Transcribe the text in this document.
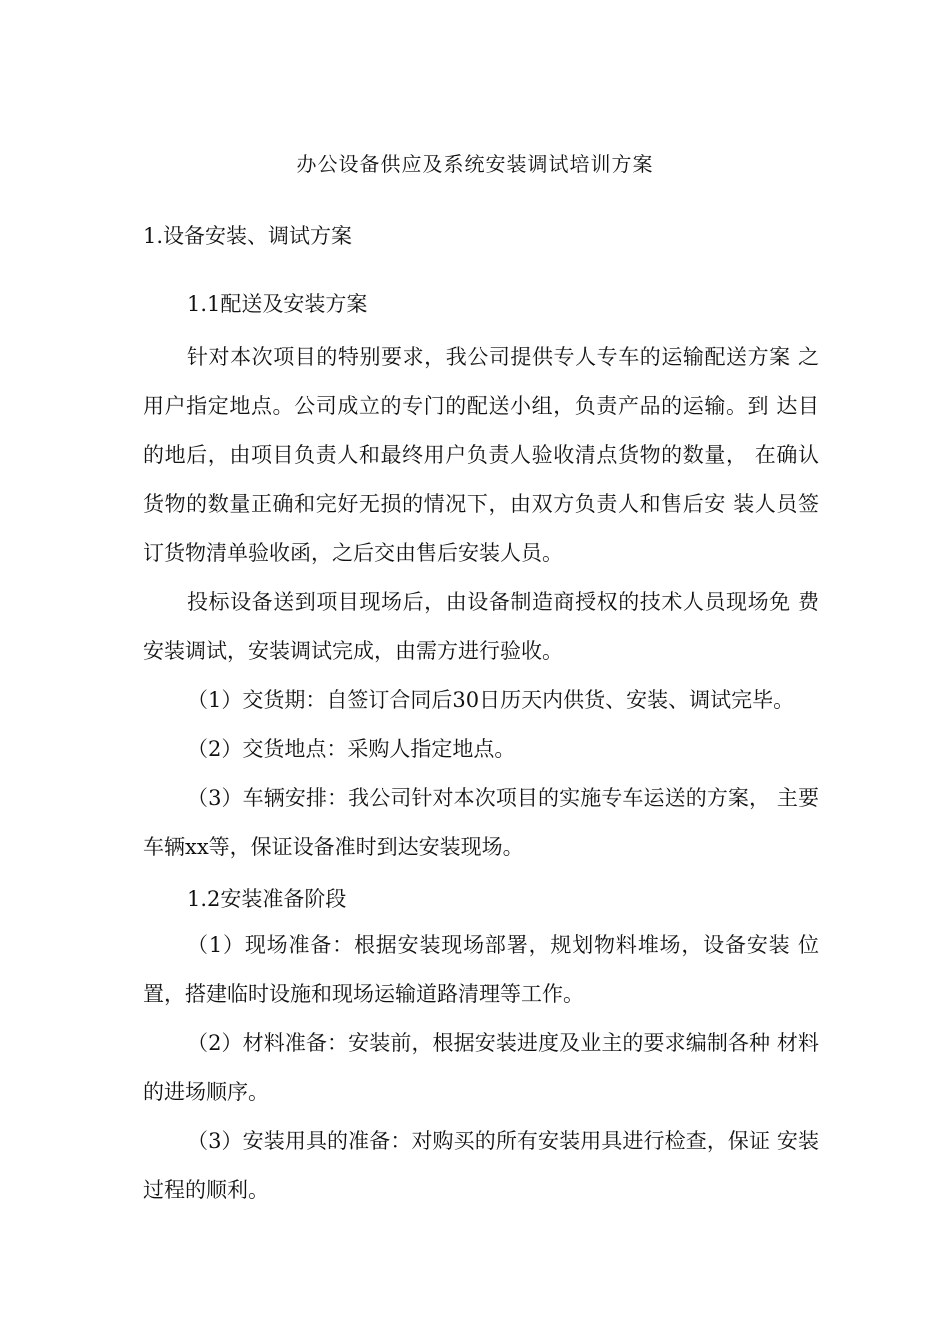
办公设备供应及系统安装调试培训方案
1.设备安装、调试方案
1.1配送及安装方案

针对本次项目的特别要求，我公司提供专人专车的运输配送方案 之用户指定地点。公司成立的专门的配送小组，负责产品的运输。到 达目的地后，由项目负责人和最终用户负责人验收清点货物的数量， 在确认货物的数量正确和完好无损的情况下，由双方负责人和售后安 装人员签订货物清单验收函，之后交由售后安装人员。

投标设备送到项目现场后，由设备制造商授权的技术人员现场免 费安装调试，安装调试完成，由需方进行验收。

（1）交货期：自签订合同后30日历天内供货、安装、调试完毕。

（2）交货地点：采购人指定地点。

（3）车辆安排：我公司针对本次项目的实施专车运送的方案， 主要车辆xx等，保证设备准时到达安装现场。

1.2安装准备阶段

（1）现场准备：根据安装现场部署，规划物料堆场，设备安装 位置，搭建临时设施和现场运输道路清理等工作。

（2）材料准备：安装前，根据安装进度及业主的要求编制各种 材料的进场顺序。

（3）安装用具的准备：对购买的所有安装用具进行检查，保证 安装过程的顺利。
